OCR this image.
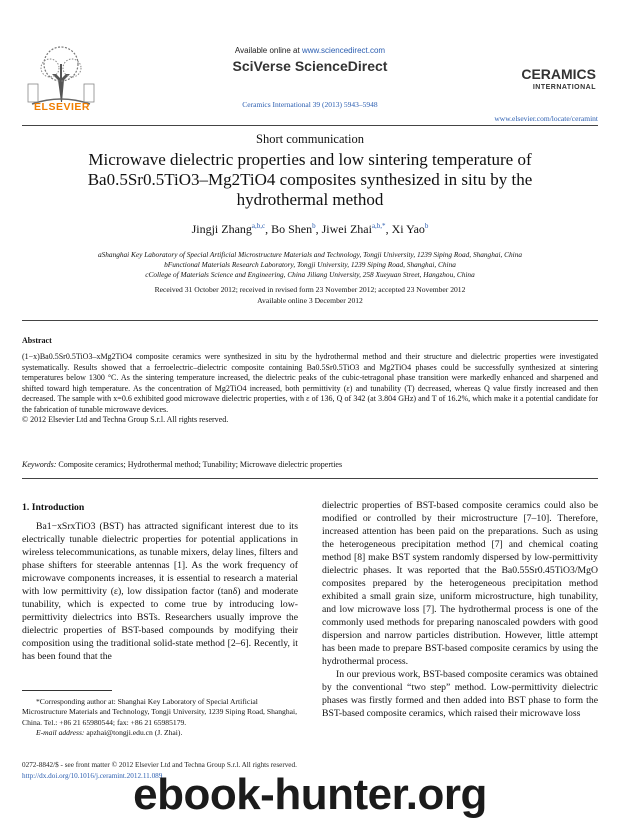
ELSEVIER
Available online at www.sciencedirect.com
SciVerse ScienceDirect
Ceramics International 39 (2013) 5943–5948
CERAMICS
INTERNATIONAL
www.elsevier.com/locate/ceramint
Short communication
Microwave dielectric properties and low sintering temperature of
Ba0.5Sr0.5TiO3–Mg2TiO4 composites synthesized in situ by the
hydrothermal method
Jingji Zhang$^{a,b,c}$, Bo Shen$^b$, Jiwei Zhai$^{a,b,*}$, Xi Yao$^b$
aShanghai Key Laboratory of Special Artificial Microstructure Materials and Technology, Tongji University, 1239 Siping Road, Shanghai, China
bFunctional Materials Research Laboratory, Tongji University, 1239 Siping Road, Shanghai, China
cCollege of Materials Science and Engineering, China Jiliang University, 258 Xueyuan Street, Hangzhou, China
Received 31 October 2012; received in revised form 23 November 2012; accepted 23 November 2012
Available online 3 December 2012
Abstract
(1−x)Ba0.5Sr0.5TiO3–xMg2TiO4 composite ceramics were synthesized in situ by the hydrothermal method and their structure and dielectric properties were investigated systematically. Results showed that a ferroelectric–dielectric composite containing Ba0.5Sr0.5TiO3 and Mg2TiO4 phases could be successfully synthesized at sintering temperatures below 1300 °C. As the sintering temperature increased, the dielectric peaks of the cubic-tetragonal phase transition were markedly enhanced and sharpened and shifted toward high temperature. As the concentration of Mg2TiO4 increased, both permittivity (ε) and tunability (T) decreased, whereas Q value firstly increased and then decreased. The sample with x=0.6 exhibited good microwave dielectric properties, with ε of 136, Q of 342 (at 3.804 GHz) and T of 16.2%, which make it a potential candidate for the fabrication of tunable microwave devices.
© 2012 Elsevier Ltd and Techna Group S.r.l. All rights reserved.
Keywords: Composite ceramics; Hydrothermal method; Tunability; Microwave dielectric properties
1. Introduction

Ba1−xSrxTiO3 (BST) has attracted significant interest due to its electrically tunable dielectric properties for potential applications in wireless telecommunications, as tunable mixers, delay lines, filters and phase shifters for steerable antennas [1]. As the work frequency of microwave components increases, it is essential to research a material with low permittivity (ε), low dissipation factor (tanδ) and moderate tunability, which is expected to come true by introducing low-permittivity dielectrics into BSTs. Researchers usually improve the dielectric properties of BST-based compounds by modifying their composition using the traditional solid-state method [2–6]. Recently, it has been found that the

dielectric properties of BST-based composite ceramics could also be modified or controlled by their microstructure [7–10]. Therefore, increased attention has been paid on the preparations. Such as using the heterogeneous precipitation method [7] and chemical coating method [8] make BST system randomly dispersed by low-permittivity dielectric phases. It was reported that the Ba0.55Sr0.45TiO3/MgO composites prepared by the heterogeneous precipitation method exhibited a small grain size, uniform microstructure, high tunability, and low microwave loss [7]. The hydrothermal process is one of the commonly used methods for preparing nanoscaled powders with good dispersion and narrow particles distribution. However, little attempt has been made to prepare BST-based composite ceramics by using the hydrothermal process.

In our previous work, BST-based composite ceramics was obtained by the conventional “two step” method. Low-permittivity dielectric phases was firstly formed and then added into BST phase to form the BST-based composite ceramics, which raised their microwave loss

*Corresponding author at: Shanghai Key Laboratory of Special Artificial Microstructure Materials and Technology, Tongji University, 1239 Siping Road, Shanghai, China. Tel.: +86 21 65980544; fax: +86 21 65985179.

E-mail address: apzhai@tongji.edu.cn (J. Zhai).

0272-8842/$ - see front matter © 2012 Elsevier Ltd and Techna Group S.r.l. All rights reserved.
http://dx.doi.org/10.1016/j.ceramint.2012.11.089
ebook-hunter.org
